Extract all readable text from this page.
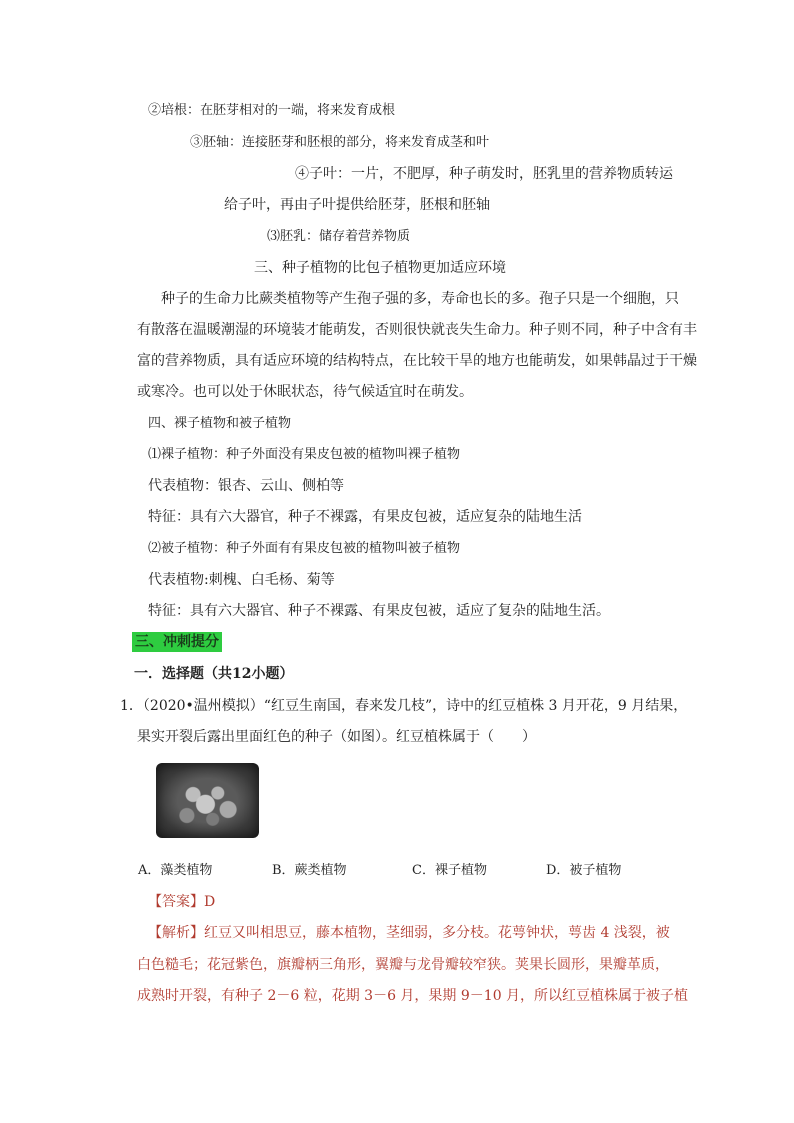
②培根：在胚芽相对的一端，将来发育成根
③胚轴：连接胚芽和胚根的部分，将来发育成茎和叶
④子叶：一片，不肥厚，种子萌发时，胚乳里的营养物质转运
给子叶，再由子叶提供给胚芽，胚根和胚轴
⑶胚乳：储存着营养物质
三、种子植物的比包子植物更加适应环境
种子的生命力比蕨类植物等产生孢子强的多，寿命也长的多。孢子只是一个细胞，只
有散落在温暖潮湿的环境装才能萌发，否则很快就丧失生命力。种子则不同，种子中含有丰
富的营养物质，具有适应环境的结构特点，在比较干旱的地方也能萌发，如果韩晶过于干燥
或寒冷。也可以处于休眠状态，待气候适宜时在萌发。
四、裸子植物和被子植物
⑴裸子植物：种子外面没有果皮包被的植物叫裸子植物
代表植物：银杏、云山、侧柏等
特征：具有六大器官，种子不裸露，有果皮包被，适应复杂的陆地生活
⑵被子植物：种子外面有有果皮包被的植物叫被子植物
代表植物:刺槐、白毛杨、菊等
特征：具有六大器官、种子不裸露、有果皮包被，适应了复杂的陆地生活。
三、冲刺提分
一．选择题（共12小题）
1．（2020•温州模拟）“红豆生南国，春来发几枝”，诗中的红豆植株 3 月开花，9 月结果，
果实开裂后露出里面红色的种子（如图）。红豆植株属于（　　）
A．藻类植物	B．蕨类植物	C．裸子植物	D．被子植物
【答案】D
【解析】红豆又叫相思豆，藤本植物，茎细弱，多分枝。花萼钟状，萼齿 4 浅裂，被
白色糙毛；花冠紫色，旗瓣柄三角形，翼瓣与龙骨瓣较窄狭。荚果长圆形，果瓣革质，
成熟时开裂，有种子 2－6 粒，花期 3－6 月，果期 9－10 月，所以红豆植株属于被子植
